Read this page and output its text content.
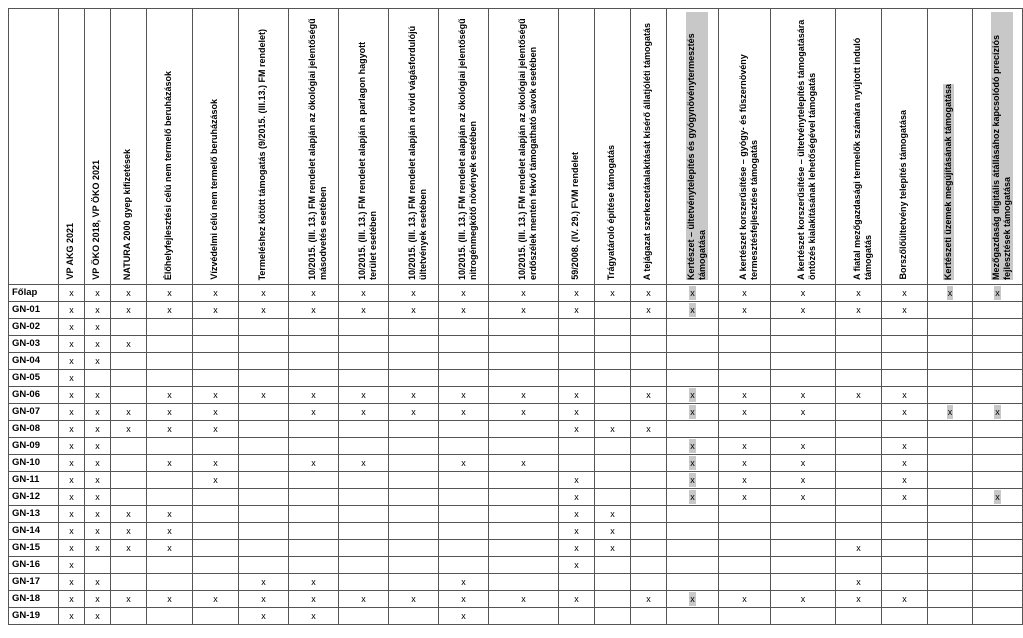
	VP AKG 2021	VP ÖKO 2018, VP ÖKO 2021	NATURA 2000 gyep kifizetések	Élőhelyfejlesztési célú nem termelő beruházások	Vízvédelmi célú nem termelő beruházások	Termeléshez kötött támogatás (9/2015. (III.13.) FM rendelet)	10/2015. (III. 13.) FM rendelet alapján az ökológiai jelentőségű másodvetés esetében	10/2015. (III. 13.) FM rendelet alapján a parlagon hagyott terület esetében	10/2015. (III. 13.) FM rendelet alapján a rövid vágásfordulójú ültetvények esetében	10/2015. (III. 13.) FM rendelet alapján az ökológiai jelentőségű nitrogénmegkötő növények esetében	10/2015. (III. 13.) FM rendelet alapján az ökológiai jelentőségű erdőszélek mentén fekvő támogatható sávok esetében	59/2008. (IV. 29.) FVM rendelet	Trágyatároló építése támogatás	A tejágazat szerkezetátalakítását kísérő állatjóléti támogatás	Kertészet – ültetvénytelepítés és gyógynövénytermesztés támogatása	A kertészet korszerűsítése – gyógy- és fűszernövény termesztésfejlesztése támogatás	A kertészet korszerűsítése – ültetvénytelepítés támogatására öntözés kialakításának lehetőségével támogatás	A fiatal mezőgazdasági termelők számára nyújtott induló támogatás	Borszőlőültetvény telepítés támogatása	Kertészeti üzemek megújításának támogatása	Mezőgazdaság digitális átállásához kapcsolódó precíziós fejlesztések támogatása

Főlap	x	x	x	x	x	x	x	x	x	x	x	x	x	x	x	x	x	x	x	x	x
GN-01	x	x	x	x	x	x	x	x	x	x	x	x		x	x	x	x	x	x		
GN-02	x	x																			
GN-03	x	x	x																		
GN-04	x	x																			
GN-05	x																				
GN-06	x	x		x	x	x	x	x	x	x	x	x		x	x	x	x	x	x		
GN-07	x	x	x	x	x		x	x	x	x	x	x			x	x	x		x	x	x
GN-08	x	x	x	x	x							x	x	x							
GN-09	x	x													x	x	x		x		
GN-10	x	x		x	x		x	x		x	x				x	x	x		x		
GN-11	x	x			x							x			x	x	x		x		
GN-12	x	x										x			x	x	x		x		x
GN-13	x	x	x	x								x	x								
GN-14	x	x	x	x								x	x								
GN-15	x	x	x	x								x	x					x			
GN-16	x											x									
GN-17	x	x				x	x			x								x			
GN-18	x	x	x	x	x	x	x	x	x	x	x	x		x	x	x	x	x	x		
GN-19	x	x				x	x			x											
